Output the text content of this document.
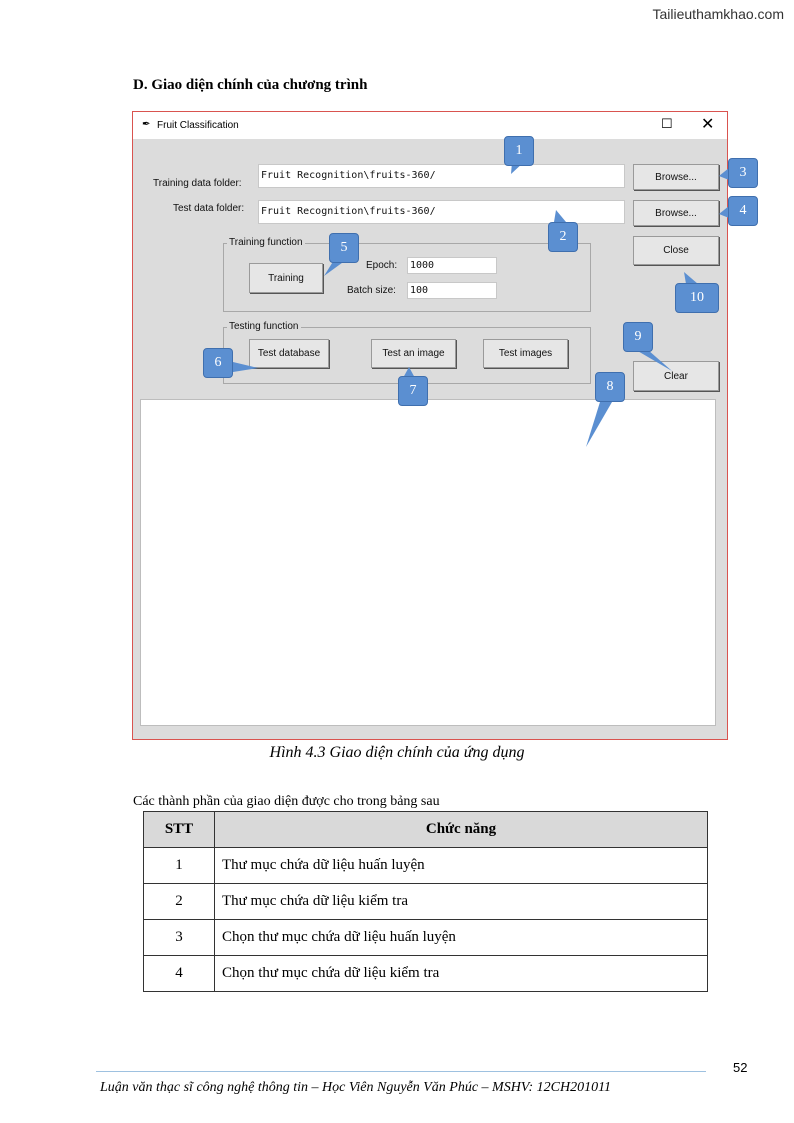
Tailieuthamkhao.com
D. Giao diện chính của chương trình
✒ Fruit Classification	☐ ✕
Training data folder:
Fruit Recognition\fruits-360/	Browse...
Test data folder:	Fruit Recognition\fruits-360/	Browse...
Close
Training function
Training
Epoch:	1000
Batch size:	100
Testing function
Test database	Test an image	Test images
Clear
1
2
3
4
5
6
7	8
9
10
Hình 4.3 Giao diện chính của ứng dụng
Các thành phần của giao diện được cho trong bảng sau
STT	Chức năng
1	Thư mục chứa dữ liệu huấn luyện
2	Thư mục chứa dữ liệu kiểm tra
3	Chọn thư mục chứa dữ liệu huấn luyện
4	Chọn thư mục chứa dữ liệu kiểm tra
52
Luận văn thạc sĩ công nghệ thông tin – Học Viên Nguyễn Văn Phúc – MSHV: 12CH201011
